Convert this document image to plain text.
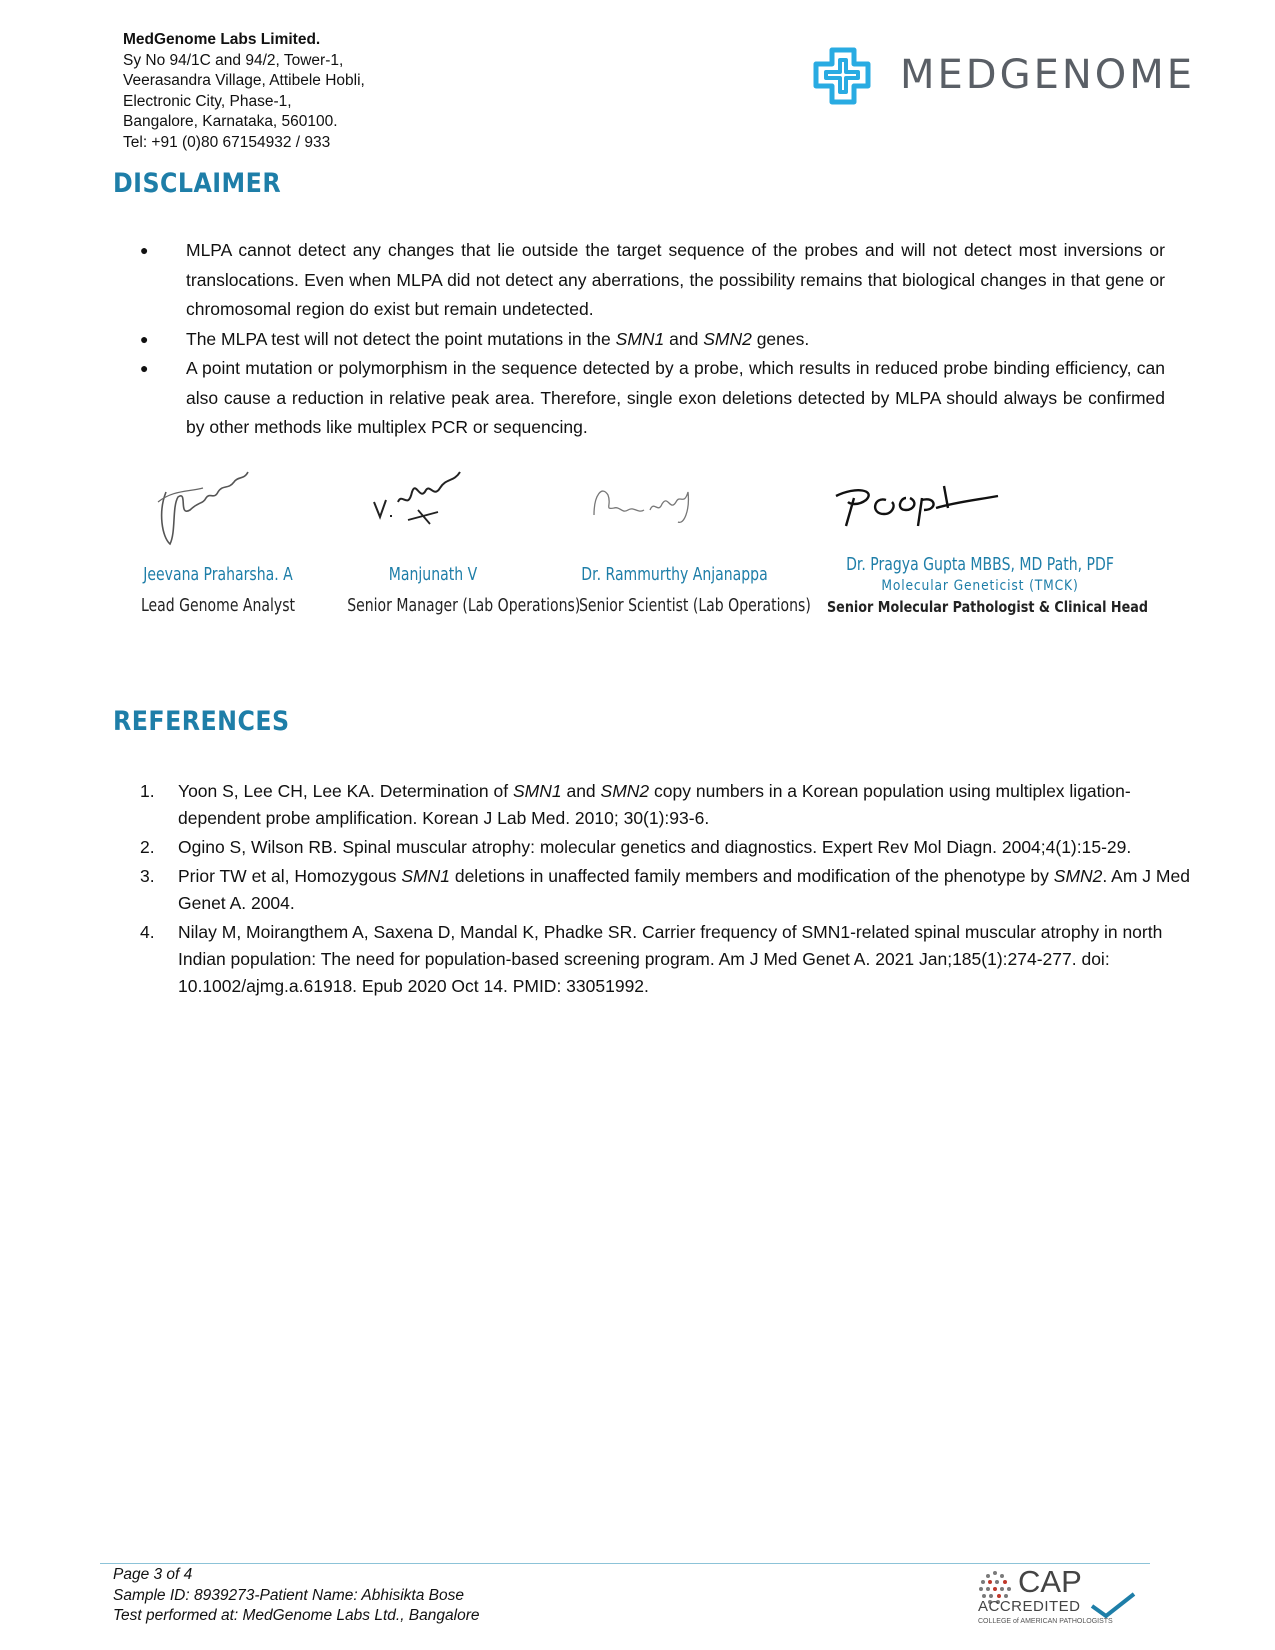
MedGenome Labs Limited.
Sy No 94/1C and 94/2, Tower-1,
Veerasandra Village, Attibele Hobli,
Electronic City, Phase-1,
Bangalore, Karnataka, 560100.
Tel: +91 (0)80 67154932 / 933
MEDGENOME
DISCLAIMER
● MLPA cannot detect any changes that lie outside the target sequence of the probes and will not detect most inversions or translocations. Even when MLPA did not detect any aberrations, the possibility remains that biological changes in that gene or chromosomal region do exist but remain undetected.
● The MLPA test will not detect the point mutations in the SMN1 and SMN2 genes.
● A point mutation or polymorphism in the sequence detected by a probe, which results in reduced probe binding efficiency, can also cause a reduction in relative peak area. Therefore, single exon deletions detected by MLPA should always be confirmed by other methods like multiplex PCR or sequencing.
Jeevana Praharsha. A
Lead Genome Analyst
Manjunath V
Senior Manager (Lab Operations)
Dr. Rammurthy Anjanappa
Senior Scientist (Lab Operations)
Dr. Pragya Gupta MBBS, MD Path, PDF
Molecular Geneticist (TMCK)
Senior Molecular Pathologist & Clinical Head
REFERENCES
1. Yoon S, Lee CH, Lee KA. Determination of SMN1 and SMN2 copy numbers in a Korean population using multiplex ligation-dependent probe amplification. Korean J Lab Med. 2010; 30(1):93-6.
2. Ogino S, Wilson RB. Spinal muscular atrophy: molecular genetics and diagnostics. Expert Rev Mol Diagn. 2004;4(1):15-29.
3. Prior TW et al, Homozygous SMN1 deletions in unaffected family members and modification of the phenotype by SMN2. Am J Med Genet A. 2004.
4. Nilay M, Moirangthem A, Saxena D, Mandal K, Phadke SR. Carrier frequency of SMN1-related spinal muscular atrophy in north Indian population: The need for population-based screening program. Am J Med Genet A. 2021 Jan;185(1):274-277. doi: 10.1002/ajmg.a.61918. Epub 2020 Oct 14. PMID: 33051992.
Page 3 of 4
Sample ID: 8939273-Patient Name: Abhisikta Bose
Test performed at: MedGenome Labs Ltd., Bangalore
CAP
ACCREDITED
COLLEGE of AMERICAN PATHOLOGISTS
